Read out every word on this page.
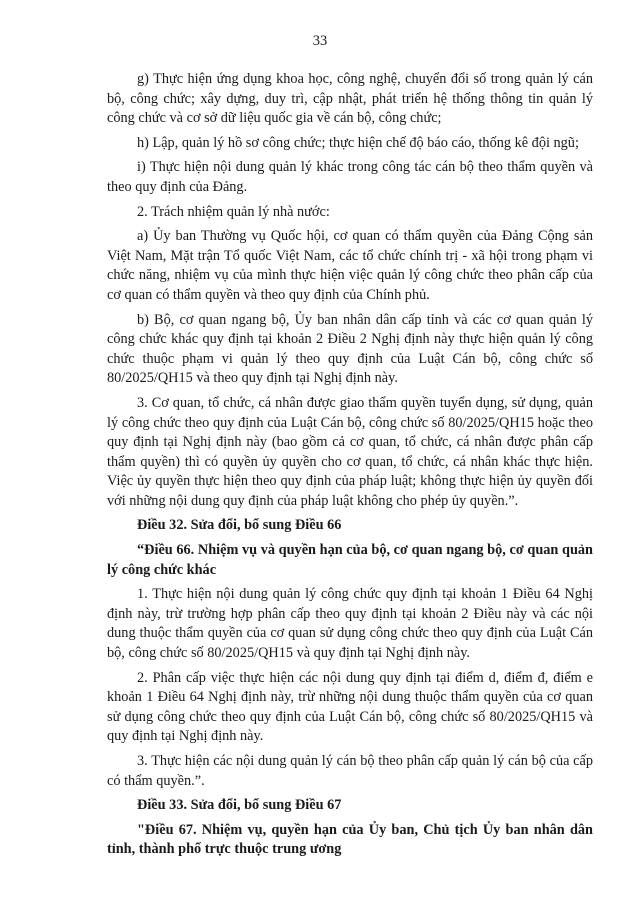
33

g) Thực hiện ứng dụng khoa học, công nghệ, chuyển đổi số trong quản lý cán bộ, công chức; xây dựng, duy trì, cập nhật, phát triển hệ thống thông tin quản lý công chức và cơ sở dữ liệu quốc gia về cán bộ, công chức;

h) Lập, quản lý hồ sơ công chức; thực hiện chế độ báo cáo, thống kê đội ngũ;

i) Thực hiện nội dung quản lý khác trong công tác cán bộ theo thẩm quyền và theo quy định của Đảng.

2. Trách nhiệm quản lý nhà nước:

a) Ủy ban Thường vụ Quốc hội, cơ quan có thẩm quyền của Đảng Cộng sản Việt Nam, Mặt trận Tổ quốc Việt Nam, các tổ chức chính trị - xã hội trong phạm vi chức năng, nhiệm vụ của mình thực hiện việc quản lý công chức theo phân cấp của cơ quan có thẩm quyền và theo quy định của Chính phủ.

b) Bộ, cơ quan ngang bộ, Ủy ban nhân dân cấp tỉnh và các cơ quan quản lý công chức khác quy định tại khoản 2 Điều 2 Nghị định này thực hiện quản lý công chức thuộc phạm vi quản lý theo quy định của Luật Cán bộ, công chức số 80/2025/QH15 và theo quy định tại Nghị định này.

3. Cơ quan, tổ chức, cá nhân được giao thẩm quyền tuyển dụng, sử dụng, quản lý công chức theo quy định của Luật Cán bộ, công chức số 80/2025/QH15 hoặc theo quy định tại Nghị định này (bao gồm cả cơ quan, tổ chức, cá nhân được phân cấp thẩm quyền) thì có quyền ủy quyền cho cơ quan, tổ chức, cá nhân khác thực hiện. Việc ủy quyền thực hiện theo quy định của pháp luật; không thực hiện ủy quyền đối với những nội dung quy định của pháp luật không cho phép ủy quyền.”.

Điều 32. Sửa đổi, bổ sung Điều 66

“Điều 66. Nhiệm vụ và quyền hạn của bộ, cơ quan ngang bộ, cơ quan quản lý công chức khác

1. Thực hiện nội dung quản lý công chức quy định tại khoản 1 Điều 64 Nghị định này, trừ trường hợp phân cấp theo quy định tại khoản 2 Điều này và các nội dung thuộc thẩm quyền của cơ quan sử dụng công chức theo quy định của Luật Cán bộ, công chức số 80/2025/QH15 và quy định tại Nghị định này.

2. Phân cấp việc thực hiện các nội dung quy định tại điểm d, điểm đ, điểm e khoản 1 Điều 64 Nghị định này, trừ những nội dung thuộc thẩm quyền của cơ quan sử dụng công chức theo quy định của Luật Cán bộ, công chức số 80/2025/QH15 và quy định tại Nghị định này.

3. Thực hiện các nội dung quản lý cán bộ theo phân cấp quản lý cán bộ của cấp có thẩm quyền.”.

Điều 33. Sửa đổi, bổ sung Điều 67

"Điều 67. Nhiệm vụ, quyền hạn của Ủy ban, Chủ tịch Ủy ban nhân dân tỉnh, thành phố trực thuộc trung ương
